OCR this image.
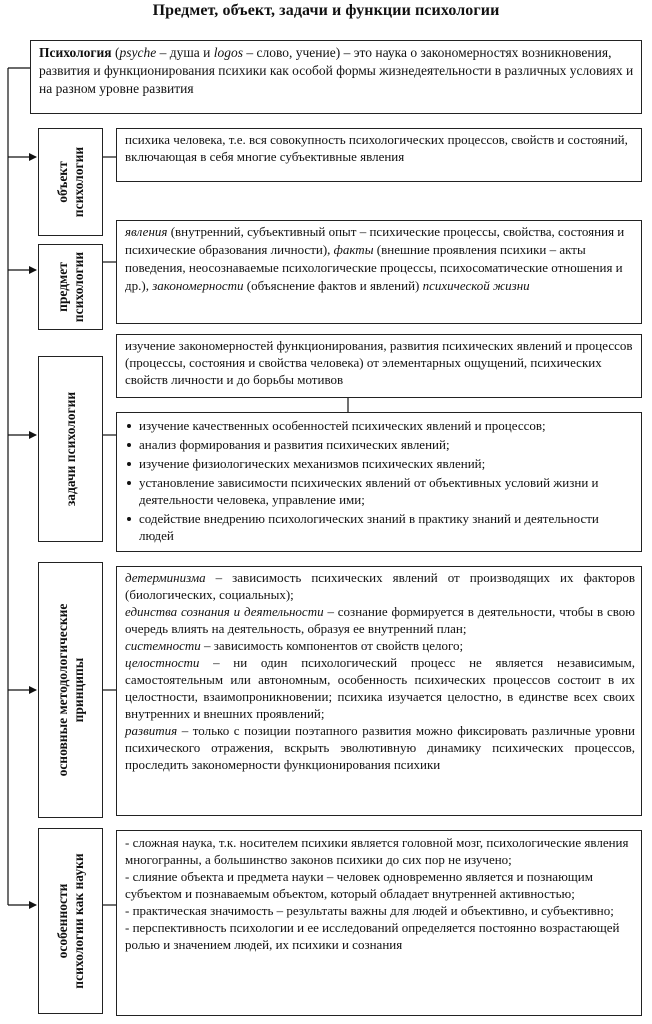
Предмет, объект, задачи и функции психологии
Психология (psyche – душа и logos – слово, учение) – это наука о закономерностях возникновения, развития и функционирования психики как особой формы жизнедеятельности в различных условиях и на разном уровне развития
объект
психологии
психика человека, т.е. вся совокупность психологических процессов, свойств и состояний, включающая в себя многие субъективные явления
предмет
психологии
явления (внутренний, субъективный опыт – психические процессы, свойства, состояния и психические образования личности), факты (внешние проявления психики – акты поведения, неосознаваемые психологические процессы, психосоматические отношения и др.), закономерности (объяснение фактов и явлений) психической жизни
задачи психологии
изучение закономерностей функционирования, развития психических явлений и процессов (процессы, состояния и свойства человека) от элементарных ощущений, психических свойств личности и до борьбы мотивов
изучение качественных особенностей психических явлений и процессов;
анализ формирования и развития психических явлений;
изучение физиологических механизмов психических явлений;
установление зависимости психических явлений от объективных условий жизни и деятельности человека, управление ими;
содействие внедрению психологических знаний в практику знаний и деятельности людей
основные методологические
принципы
детерминизма – зависимость психических явлений от производящих их факторов (биологических, социальных);
единства сознания и деятельности – сознание формируется в деятельности, чтобы в свою очередь влиять на деятельность, образуя ее внутренний план;
системности – зависимость компонентов от свойств целого;
целостности – ни один психологический процесс не является независимым, самостоятельным или автономным, особенность психических процессов состоит в их целостности, взаимопроникновении; психика изучается целостно, в единстве всех своих внутренних и внешних проявлений;
развития – только с позиции поэтапного развития можно фиксировать различные уровни психического отражения, вскрыть эволютивную динамику психических процессов, проследить закономерности функционирования психики
особенности
психологии как науки

- сложная наука, т.к. носителем психики является головной мозг, психологические явления многогранны, а большинство законов психики до сих пор не изучено;

- слияние объекта и предмета науки – человек одновременно является и познающим субъектом и познаваемым объектом, который обладает внутренней активностью;

- практическая значимость – результаты важны для людей и объективно, и субъективно;

- перспективность психологии и ее исследований определяется постоянно возрастающей ролью и значением людей, их психики и сознания
